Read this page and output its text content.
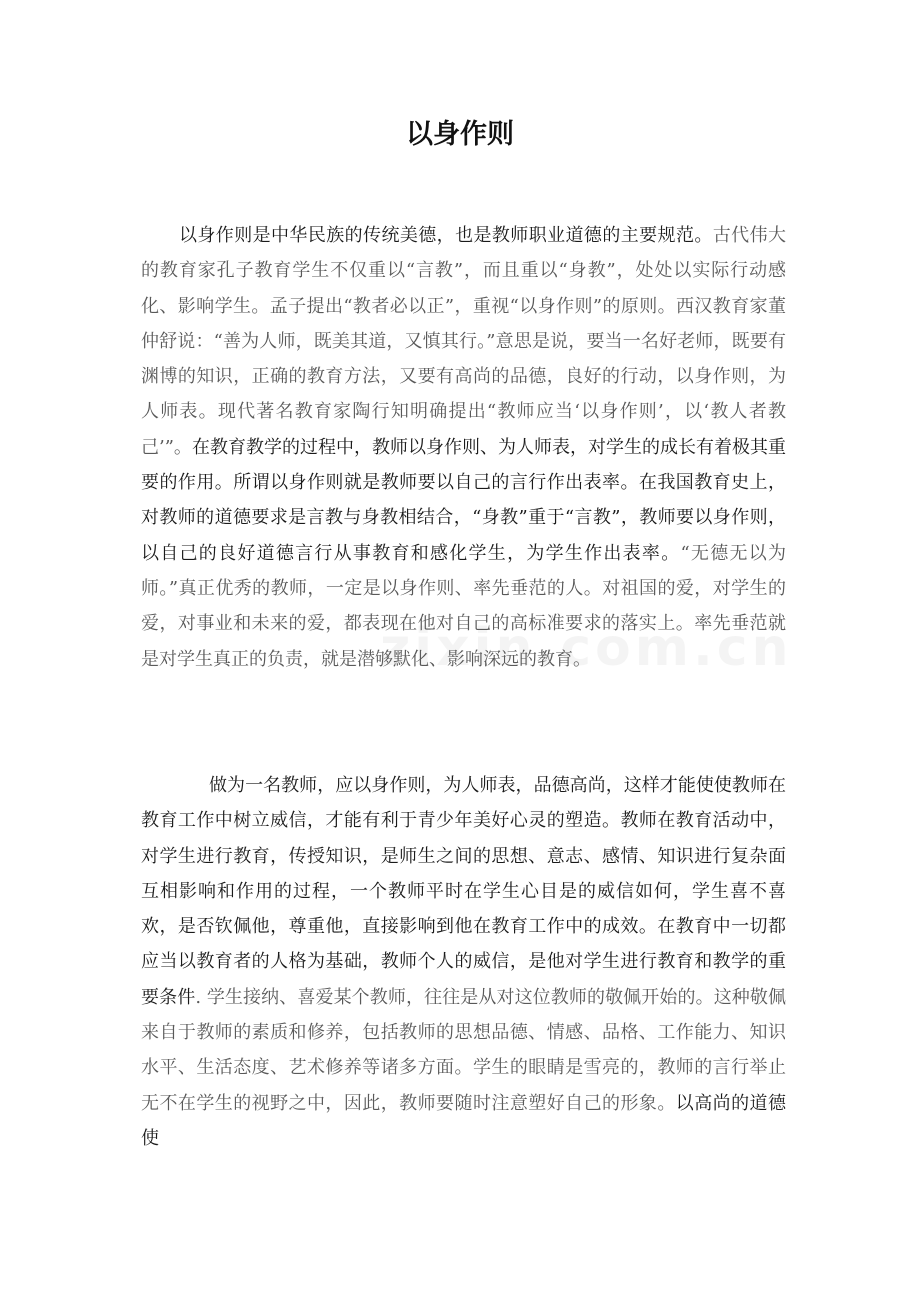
以身作则

以身作则是中华民族的传统美德，也是教师职业道德的主要规范。古代伟大的教育家孔子教育学生不仅重以“言教”，而且重以“身教”，处处以实际行动感化、影响学生。孟子提出“教者必以正”，重视“以身作则”的原则。西汉教育家董仲舒说：“善为人师，既美其道，又慎其行。”意思是说，要当一名好老师，既要有渊博的知识，正确的教育方法，又要有高尚的品德，良好的行动，以身作则，为人师表。现代著名教育家陶行知明确提出“教师应当‘以身作则’，以‘教人者教己’”。在教育教学的过程中，教师以身作则、为人师表，对学生的成长有着极其重要的作用。所谓以身作则就是教师要以自己的言行作出表率。在我国教育史上，对教师的道德要求是言教与身教相结合，“身教”重于“言教”，教师要以身作则，以自己的良好道德言行从事教育和感化学生，为学生作出表率。“无德无以为师。”真正优秀的教师，一定是以身作则、率先垂范的人。对祖国的爱，对学生的爱，对事业和未来的爱，都表现在他对自己的高标准要求的落实上。率先垂范就是对学生真正的负责，就是潜够默化、影响深远的教育。

做为一名教师，应以身作则，为人师表，品德高尚，这样才能使使教师在教育工作中树立威信，才能有利于青少年美好心灵的塑造。教师在教育活动中，对学生进行教育，传授知识，是师生之间的思想、意志、感情、知识进行复杂面互相影响和作用的过程，一个教师平时在学生心目是的威信如何，学生喜不喜欢，是否钦佩他，尊重他，直接影响到他在教育工作中的成效。在教育中一切都应当以教育者的人格为基础，教师个人的威信，是他对学生进行教育和教学的重要条件. 学生接纳、喜爱某个教师，往往是从对这位教师的敬佩开始的。这种敬佩来自于教师的素质和修养，包括教师的思想品德、情感、品格、工作能力、知识水平、生活态度、艺术修养等诸多方面。学生的眼睛是雪亮的，教师的言行举止无不在学生的视野之中，因此，教师要随时注意塑好自己的形象。以高尚的道德使
